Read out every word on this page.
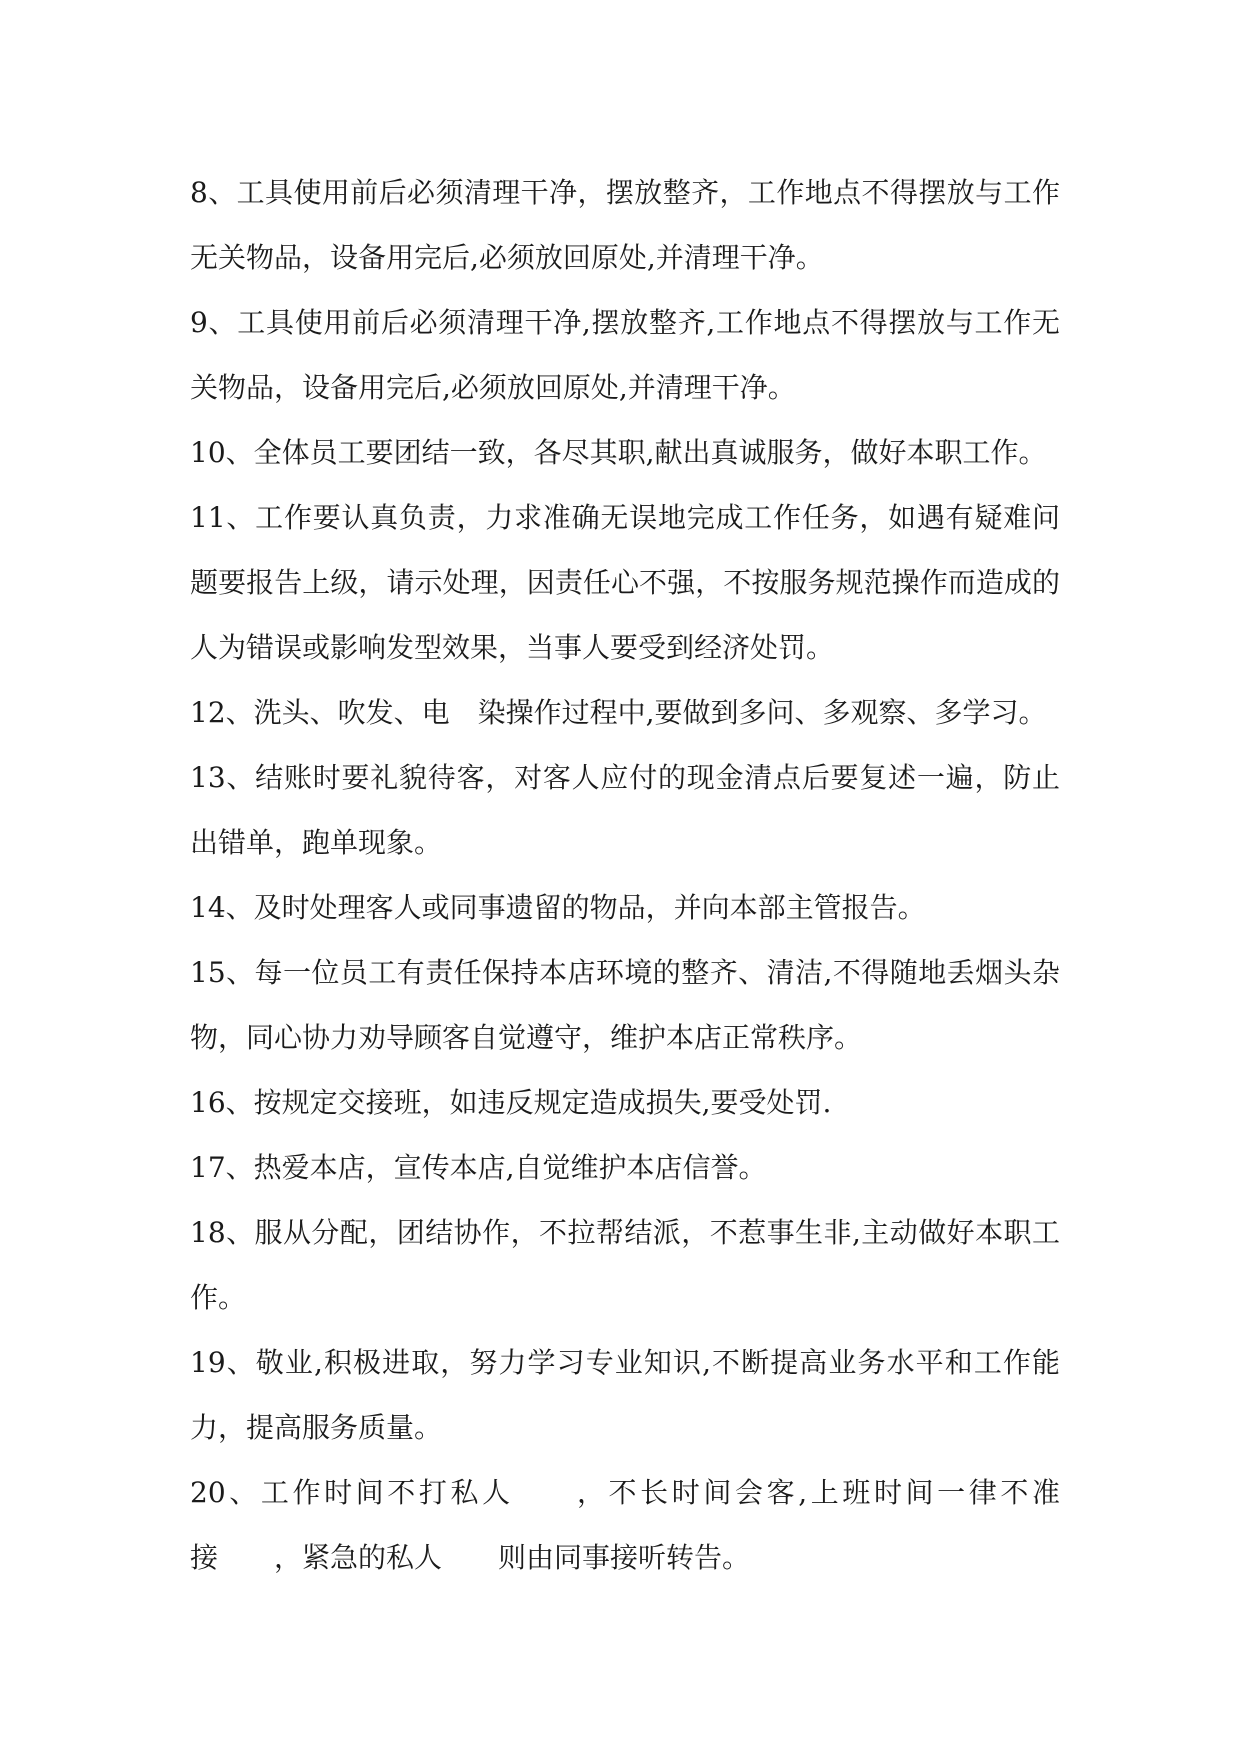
8、工具使用前后必须清理干净，摆放整齐，工作地点不得摆放与工作无关物品，设备用完后,必须放回原处,并清理干净。

9、工具使用前后必须清理干净,摆放整齐,工作地点不得摆放与工作无关物品，设备用完后,必须放回原处,并清理干净。

10、全体员工要团结一致，各尽其职,献出真诚服务，做好本职工作。

11、工作要认真负责，力求准确无误地完成工作任务，如遇有疑难问题要报告上级，请示处理，因责任心不强，不按服务规范操作而造成的人为错误或影响发型效果，当事人要受到经济处罚。

12、洗头、吹发、电　染操作过程中,要做到多问、多观察、多学习。

13、结账时要礼貌待客，对客人应付的现金清点后要复述一遍，防止出错单，跑单现象。

14、及时处理客人或同事遗留的物品，并向本部主管报告。

15、每一位员工有责任保持本店环境的整齐、清洁,不得随地丢烟头杂物，同心协力劝导顾客自觉遵守，维护本店正常秩序。

16、按规定交接班，如违反规定造成损失,要受处罚.

17、热爱本店，宣传本店,自觉维护本店信誉。

18、服从分配，团结协作，不拉帮结派，不惹事生非,主动做好本职工作。

19、敬业,积极进取，努力学习专业知识,不断提高业务水平和工作能力，提高服务质量。

20、工作时间不打私人　　，不长时间会客,上班时间一律不准接　　，紧急的私人　　则由同事接听转告。
